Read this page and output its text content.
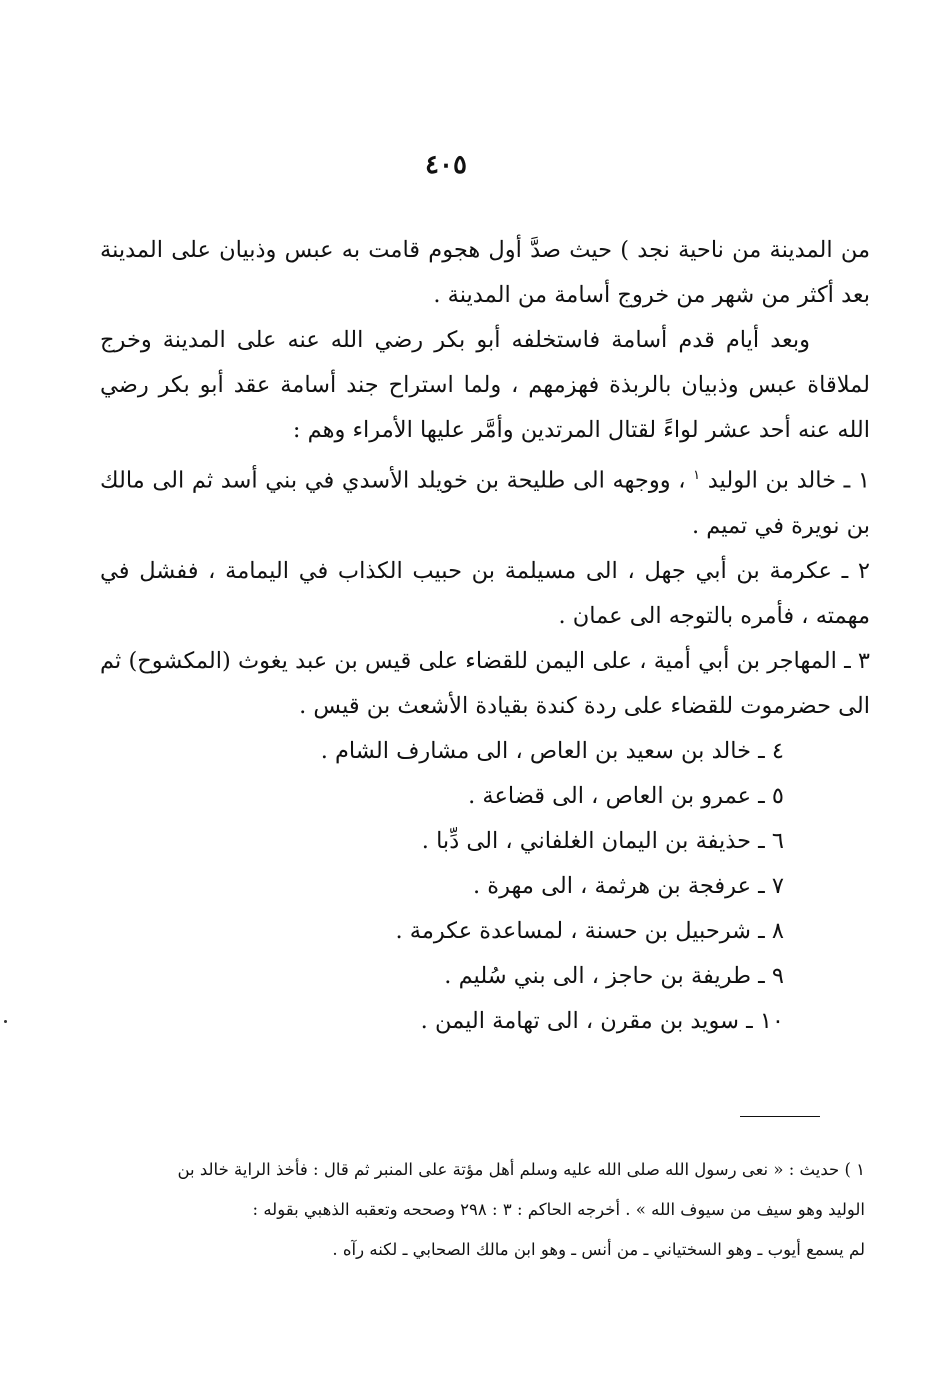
٤٠٥

من المدينة من ناحية نجد ) حيث صدَّ أول هجوم قامت به عبس وذبيان على المدينة بعد أكثر من شهر من خروج أسامة من المدينة .

وبعد أيام قدم أسامة فاستخلفه أبو بكر رضي الله عنه على المدينة وخرج لملاقاة عبس وذبيان بالربذة فهزمهم ، ولما استراح جند أسامة عقد أبو بكر رضي الله عنه أحد عشر لواءً لقتال المرتدين وأمَّر عليها الأمراء وهم :

١ ـ خالد بن الوليد $^١$ ، ووجهه الى طليحة بن خويلد الأسدي في بني أسد ثم الى مالك بن نويرة في تميم .

٢ ـ عكرمة بن أبي جهل ، الى مسيلمة بن حبيب الكذاب في اليمامة ، ففشل في مهمته ، فأمره بالتوجه الى عمان .

٣ ـ المهاجر بن أبي أمية ، على اليمن للقضاء على قيس بن عبد يغوث (المكشوح) ثم الى حضرموت للقضاء على ردة كندة بقيادة الأشعث بن قيس .

٤ ـ خالد بن سعيد بن العاص ، الى مشارف الشام .

٥ ـ عمرو بن العاص ، الى قضاعة .

٦ ـ حذيفة بن اليمان الغلفاني ، الى دِّبا .

٧ ـ عرفجة بن هرثمة ، الى مهرة .

٨ ـ شرحبيل بن حسنة ، لمساعدة عكرمة .

٩ ـ طريفة بن حاجز ، الى بني سُليم .

١٠ ـ سويد بن مقرن ، الى تهامة اليمن .

١ ) حديث : « نعى رسول الله صلى الله عليه وسلم أهل مؤتة على المنبر ثم قال : فأخذ الراية خالد بن

الوليد وهو سيف من سيوف الله » . أخرجه الحاكم : ٣ : ٢٩٨ وصححه وتعقبه الذهبي بقوله :

لم يسمع أيوب ـ وهو السختياني ـ من أنس ـ وهو ابن مالك الصحابي ـ لكنه رآه .
